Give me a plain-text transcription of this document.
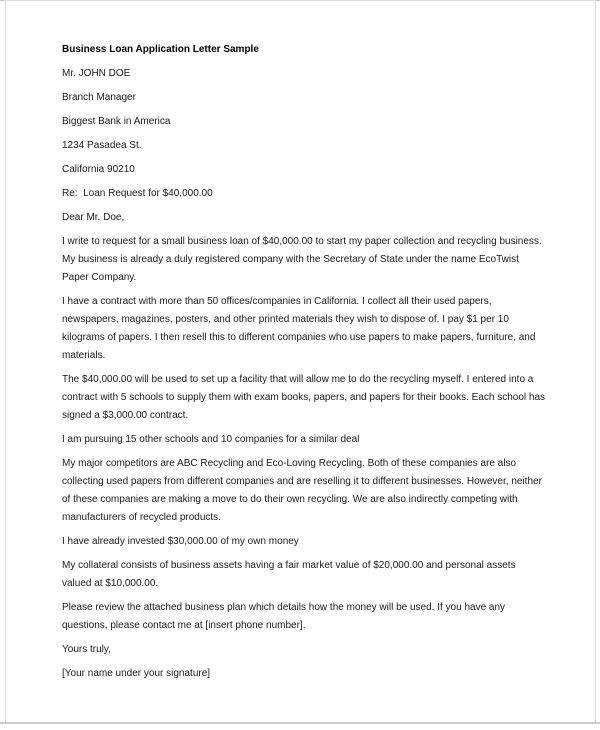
Business Loan Application Letter Sample

Mr. JOHN DOE

Branch Manager

Biggest Bank in America

1234 Pasadea St.

California 90210

Re:  Loan Request for $40,000.00

Dear Mr. Doe,

I write to request for a small business loan of $40,000.00 to start my paper collection and recycling business. My business is already a duly registered company with the Secretary of State under the name EcoTwist Paper Company.

I have a contract with more than 50 offices/companies in California. I collect all their used papers, newspapers, magazines, posters, and other printed materials they wish to dispose of. I pay $1 per 10 kilograms of papers. I then resell this to different companies who use papers to make papers, furniture, and materials.

The $40,000.00 will be used to set up a facility that will allow me to do the recycling myself. I entered into a contract with 5 schools to supply them with exam books, papers, and papers for their books. Each school has signed a $3,000.00 contract.

I am pursuing 15 other schools and 10 companies for a similar deal

My major competitors are ABC Recycling and Eco-Loving Recycling. Both of these companies are also collecting used papers from different companies and are reselling it to different businesses. However, neither of these companies are making a move to do their own recycling. We are also indirectly competing with manufacturers of recycled products.

I have already invested $30,000.00 of my own money

My collateral consists of business assets having a fair market value of $20,000.00 and personal assets valued at $10,000.00.

Please review the attached business plan which details how the money will be used. If you have any questions, please contact me at [insert phone number].

Yours truly,

[Your name under your signature]
